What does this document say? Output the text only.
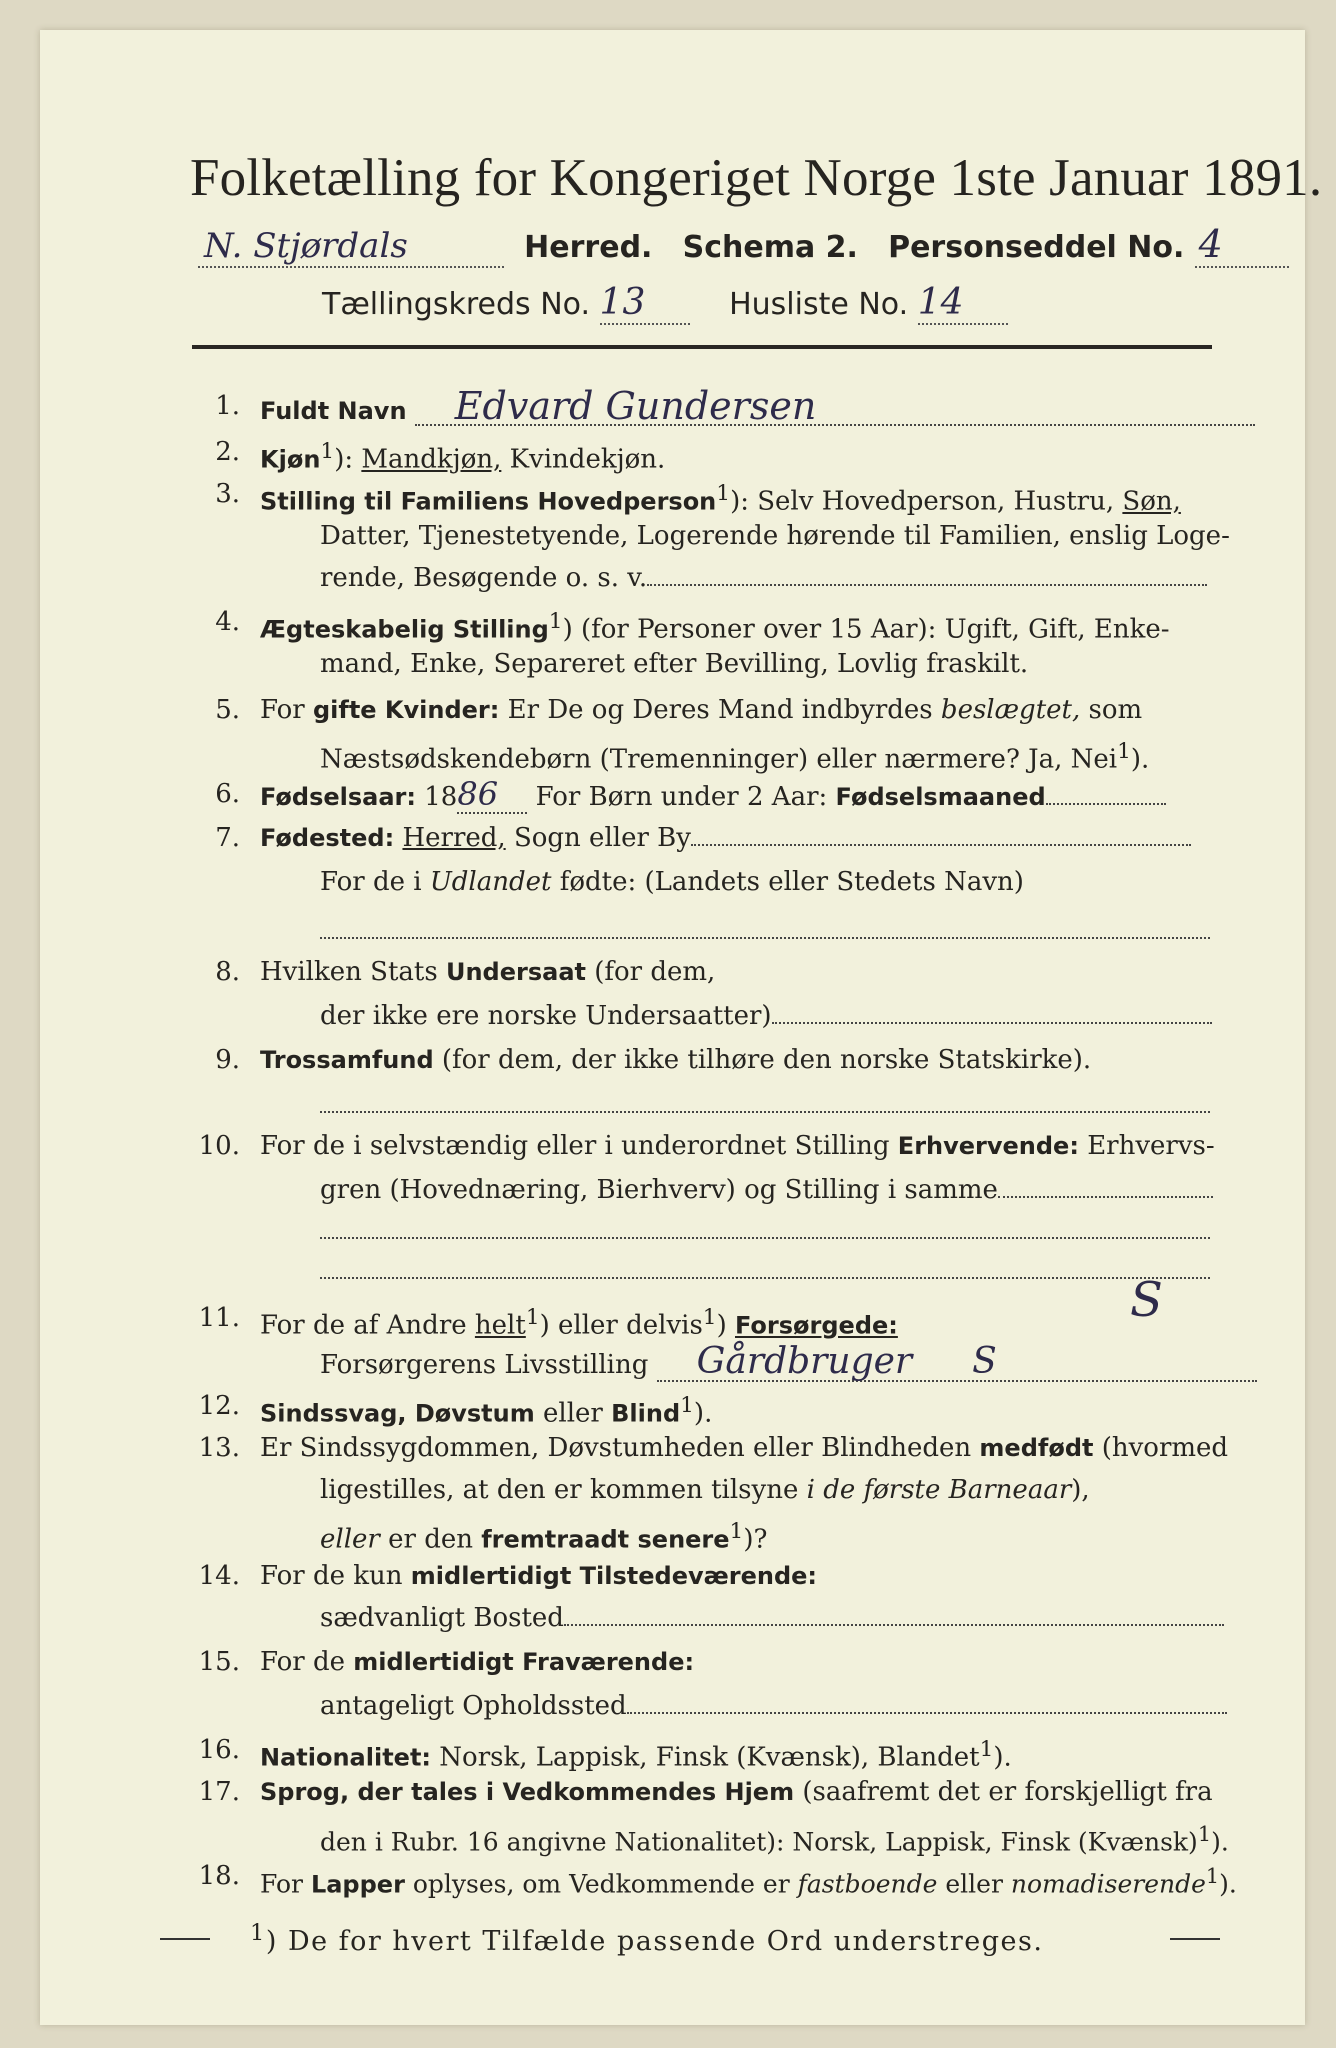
Folketælling for Kongeriget Norge 1ste Januar 1891.
N. Stjørdals	Herred. Schema 2. Personseddel No. 4
Tællingskreds No. 13	Husliste No. 14
1. Fuldt Navn Edvard Gundersen
2. Kjøn$^1$): Mandkjøn, Kvindekjøn.
3. Stilling til Familiens Hovedperson$^1$): Selv Hovedperson, Hustru, Søn,
Datter, Tjenestetyende, Logerende hørende til Familien, enslig Loge-
rende, Besøgende o. s. v.
4. Ægteskabelig Stilling$^1$) (for Personer over 15 Aar): Ugift, Gift, Enke-
mand, Enke, Separeret efter Bevilling, Lovlig fraskilt.
5. For gifte Kvinder: Er De og Deres Mand indbyrdes beslægtet, som
Næstsødskendebørn (Tremenninger) eller nærmere? Ja, Nei$^1$).
6. Fødselsaar: 1886 For Børn under 2 Aar: Fødselsmaaned
7. Fødested: Herred, Sogn eller By
For de i Udlandet fødte: (Landets eller Stedets Navn)
8. Hvilken Stats Undersaat (for dem,
der ikke ere norske Undersaatter)
9. Trossamfund (for dem, der ikke tilhøre den norske Statskirke).
10. For de i selvstændig eller i underordnet Stilling Erhvervende: Erhvervs-
gren (Hovednæring, Bierhverv) og Stilling i samme
11. For de af Andre helt$^1$) eller delvis$^1$) Forsørgede:	S
Forsørgerens Livsstilling Gårdbruger S
12. Sindssvag, Døvstum eller Blind$^1$).
13. Er Sindssygdommen, Døvstumheden eller Blindheden medfødt (hvormed
ligestilles, at den er kommen tilsyne i de første Barneaar),
eller er den fremtraadt senere$^1$)?
14. For de kun midlertidigt Tilstedeværende:
sædvanligt Bosted
15. For de midlertidigt Fraværende:
antageligt Opholdssted
16. Nationalitet: Norsk, Lappisk, Finsk (Kvænsk), Blandet$^1$).
17. Sprog, der tales i Vedkommendes Hjem (saafremt det er forskjelligt fra
den i Rubr. 16 angivne Nationalitet): Norsk, Lappisk, Finsk (Kvænsk)$^1$).
18. For Lapper oplyses, om Vedkommende er fastboende eller nomadiserende$^1$).
$^1$) De for hvert Tilfælde passende Ord understreges.
